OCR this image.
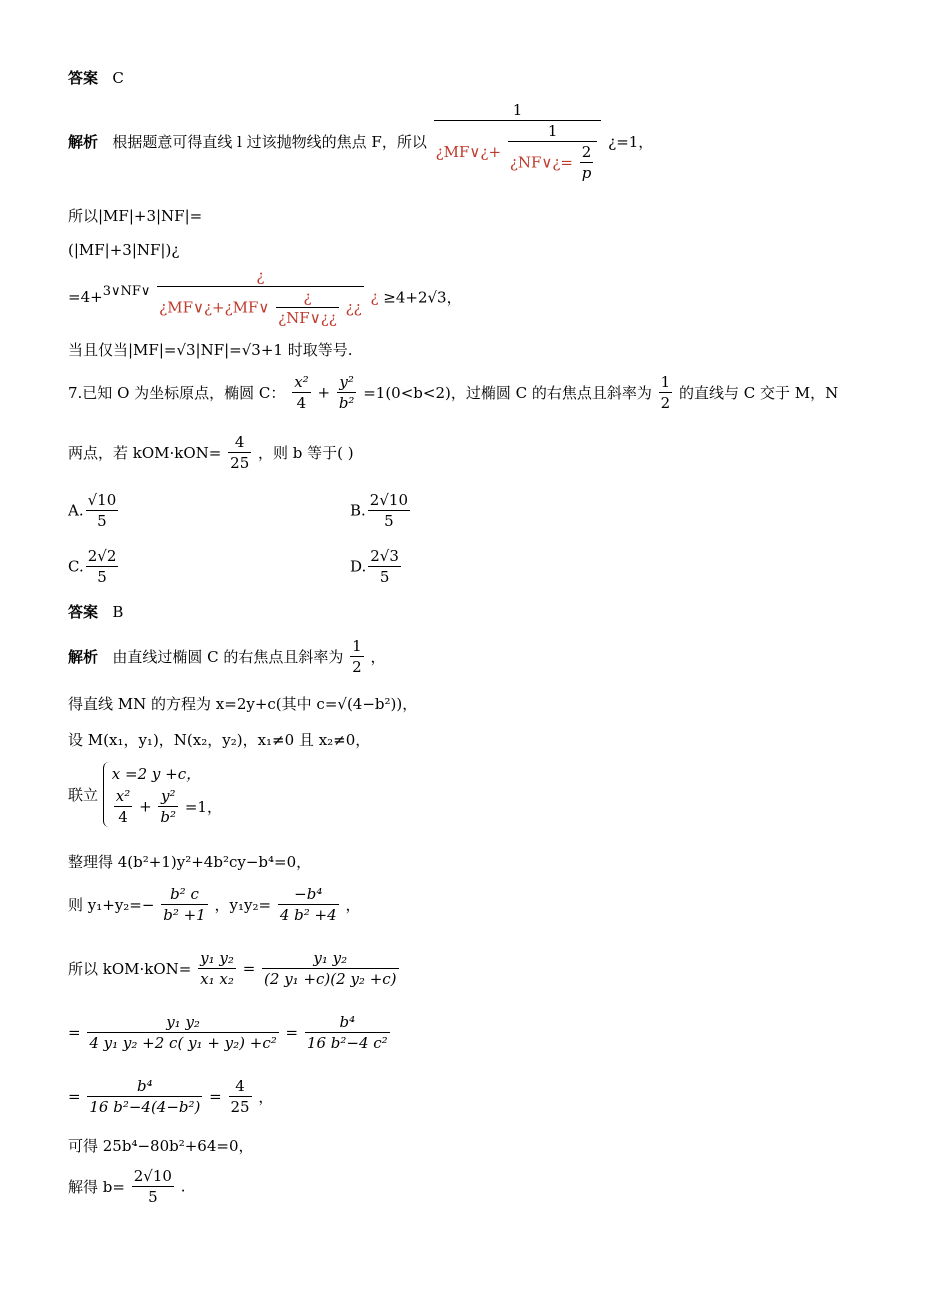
答案 C
解析 根据题意可得直线 l 过该抛物线的焦点 F，所以
1
¿MF∨¿+ $\frac{1}{¿NF\vee¿= \frac{2}{p}}$ ¿=1，
所以|MF|+3|NF|=
(|MF|+3|NF|)¿
$=4+^{3\vee NF\vee} \frac{¿}{¿MF\vee¿+¿MF\vee \frac{¿}{¿NF\vee¿¿} ¿¿}$ ¿ ≥4+2√3，
当且仅当|MF|=√3|NF|=√3+1 时取等号.
7.已知 O 为坐标原点，椭圆 C： $\frac{\text{x²}}{4} + \frac{\text{y²}}{\text{b²}} =1(0<b<2)$，过椭圆 C 的右焦点且斜率为 $\frac{1}{2}$ 的直线与 C 交于 M，N
两点，若 $kOM\cdot kON= \frac{4}{25}$ ，则 b 等于( )
A. $\frac{√10}{5}$	B. $\frac{2√10}{5}$
C. $\frac{2√2}{5}$	D. $\frac{2√3}{5}$
答案 B
解析 由直线过椭圆 C 的右焦点且斜率为 $\frac{1}{2}$ ，
得直线 MN 的方程为 x=2y+c(其中 c=√(4−b²))，
设 M(x₁，y₁)，N(x₂，y₂)，x₁≠0 且 x₂≠0，
联立
x =2 y +c，
$\frac{\text{x²}}{4} + \frac{\text{y²}}{\text{b²}} =1$，
整理得 4(b²+1)y²+4b²cy−b⁴=0，
则 $y_1+y_2=- \frac{\text{b² c}}{\text{b² +1}}$ ，$y_1y_2= \frac{\text{−b⁴}}{\text{4 b² +4}}$ ，
所以 $kOM\cdot kON= \frac{\text{y₁ y₂}}{\text{x₁ x₂}} = \frac{\text{y₁ y₂}}{\text{(2 y₁ +c)(2 y₂ +c)}}$
= $\frac{\text{y₁ y₂}}{\text{4 y₁ y₂ +2 c( y₁ + y₂) +c²}} = \frac{\text{b⁴}}{\text{16 b²−4 c²}}$
= $\frac{\text{b⁴}}{\text{16 b²−4(4−b²)}} = \frac{4}{25}$ ，
可得 25b⁴−80b²+64=0，
解得 $b= \frac{2√10}{5}$ .
